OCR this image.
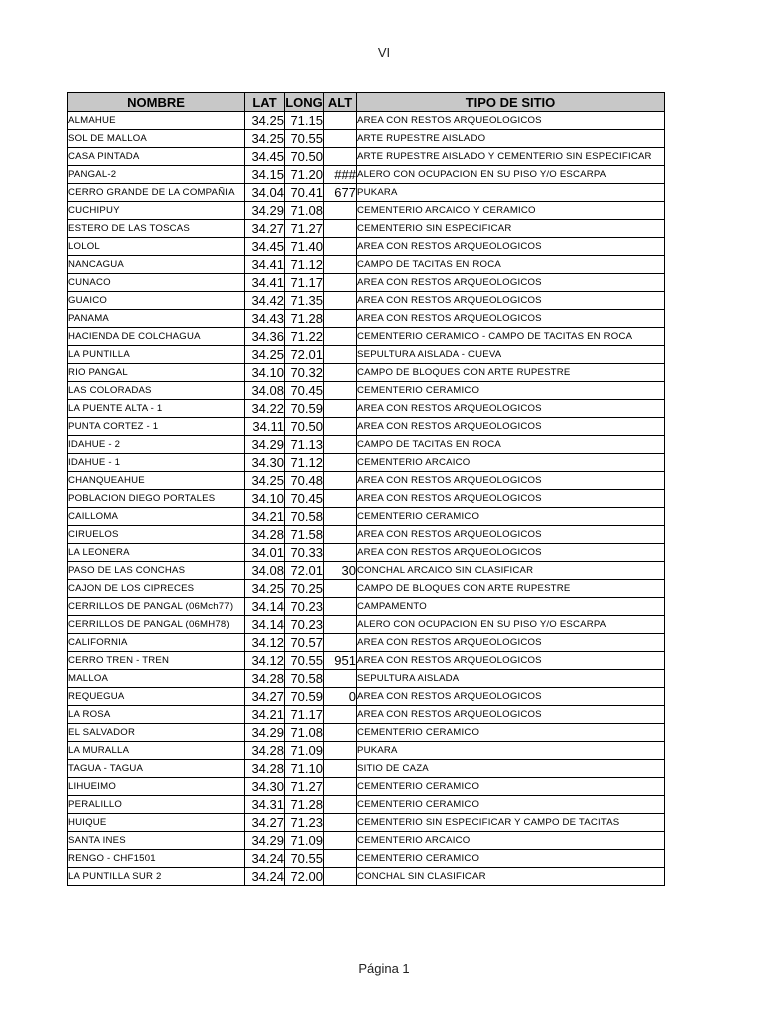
VI
NOMBRE	LAT	LONG	ALT	TIPO DE SITIO
ALMAHUE	34.25	71.15		AREA CON RESTOS ARQUEOLOGICOS
SOL DE MALLOA	34.25	70.55		ARTE RUPESTRE AISLADO
CASA PINTADA	34.45	70.50		ARTE RUPESTRE AISLADO Y CEMENTERIO SIN ESPECIFICAR
PANGAL-2	34.15	71.20	###	ALERO CON OCUPACION EN SU PISO Y/O ESCARPA
CERRO GRANDE DE LA COMPAÑIA	34.04	70.41	677	PUKARA
CUCHIPUY	34.29	71.08		CEMENTERIO ARCAICO Y CERAMICO
ESTERO DE LAS TOSCAS	34.27	71.27		CEMENTERIO SIN ESPECIFICAR
LOLOL	34.45	71.40		AREA CON RESTOS ARQUEOLOGICOS
NANCAGUA	34.41	71.12		CAMPO DE TACITAS EN ROCA
CUNACO	34.41	71.17		AREA CON RESTOS ARQUEOLOGICOS
GUAICO	34.42	71.35		AREA CON RESTOS ARQUEOLOGICOS
PANAMA	34.43	71.28		AREA CON RESTOS ARQUEOLOGICOS
HACIENDA DE COLCHAGUA	34.36	71.22		CEMENTERIO CERAMICO - CAMPO DE TACITAS EN ROCA
LA PUNTILLA	34.25	72.01		SEPULTURA AISLADA - CUEVA
RIO PANGAL	34.10	70.32		CAMPO DE BLOQUES CON ARTE RUPESTRE
LAS COLORADAS	34.08	70.45		CEMENTERIO CERAMICO
LA PUENTE ALTA - 1	34.22	70.59		AREA CON RESTOS ARQUEOLOGICOS
PUNTA CORTEZ - 1	34.11	70.50		AREA CON RESTOS ARQUEOLOGICOS
IDAHUE - 2	34.29	71.13		CAMPO DE TACITAS EN ROCA
IDAHUE - 1	34.30	71.12		CEMENTERIO ARCAICO
CHANQUEAHUE	34.25	70.48		AREA CON RESTOS ARQUEOLOGICOS
POBLACION DIEGO PORTALES	34.10	70.45		AREA CON RESTOS ARQUEOLOGICOS
CAILLOMA	34.21	70.58		CEMENTERIO CERAMICO
CIRUELOS	34.28	71.58		AREA CON RESTOS ARQUEOLOGICOS
LA LEONERA	34.01	70.33		AREA CON RESTOS ARQUEOLOGICOS
PASO DE LAS CONCHAS	34.08	72.01	30	CONCHAL ARCAICO SIN CLASIFICAR
CAJON DE LOS CIPRECES	34.25	70.25		CAMPO DE BLOQUES CON ARTE RUPESTRE
CERRILLOS DE PANGAL (06Mch77)	34.14	70.23		CAMPAMENTO
CERRILLOS DE PANGAL (06MH78)	34.14	70.23		ALERO CON OCUPACION EN SU PISO Y/O ESCARPA
CALIFORNIA	34.12	70.57		AREA CON RESTOS ARQUEOLOGICOS
CERRO TREN - TREN	34.12	70.55	951	AREA CON RESTOS ARQUEOLOGICOS
MALLOA	34.28	70.58		SEPULTURA AISLADA
REQUEGUA	34.27	70.59	0	AREA CON RESTOS ARQUEOLOGICOS
LA ROSA	34.21	71.17		AREA CON RESTOS ARQUEOLOGICOS
EL SALVADOR	34.29	71.08		CEMENTERIO CERAMICO
LA MURALLA	34.28	71.09		PUKARA
TAGUA - TAGUA	34.28	71.10		SITIO DE CAZA
LIHUEIMO	34.30	71.27		CEMENTERIO CERAMICO
PERALILLO	34.31	71.28		CEMENTERIO CERAMICO
HUIQUE	34.27	71.23		CEMENTERIO SIN ESPECIFICAR Y CAMPO DE TACITAS
SANTA INES	34.29	71.09		CEMENTERIO ARCAICO
RENGO - CHF1501	34.24	70.55		CEMENTERIO CERAMICO
LA PUNTILLA SUR 2	34.24	72.00		CONCHAL SIN CLASIFICAR
Página 1
